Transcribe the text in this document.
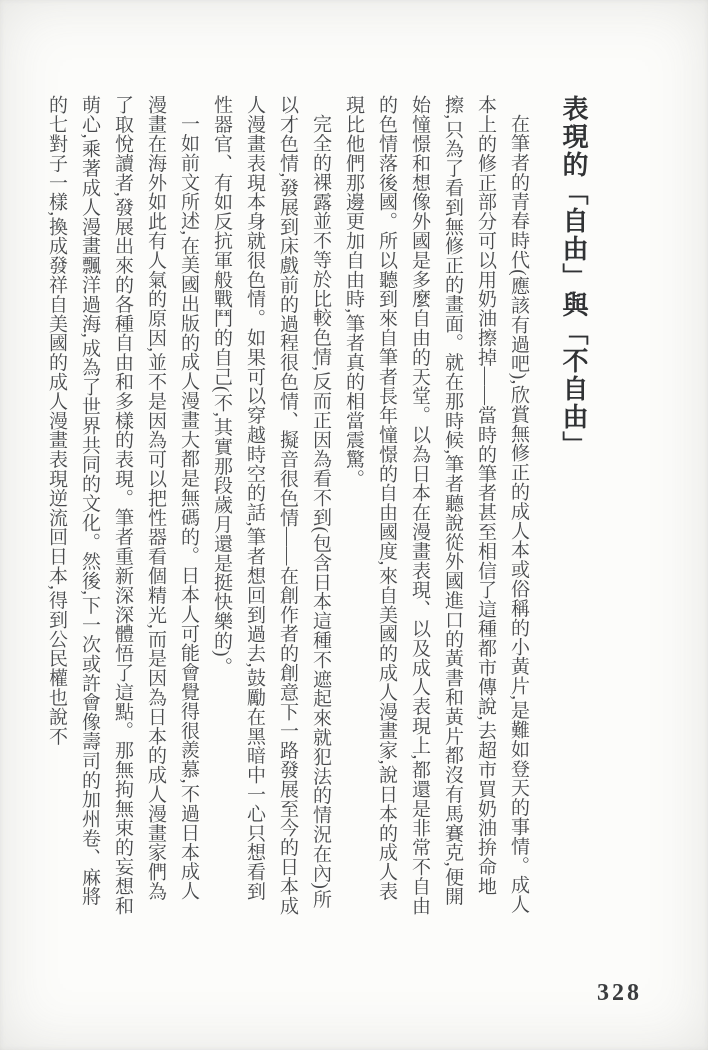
表現的「自由」與「不自由」

在筆者的青春時代(應該有過吧),欣賞無修正的成人本或俗稱的小黃片,是難如登天的事情。成人本上的修正部分可以用奶油擦掉——當時的筆者甚至相信了這種都市傳說,去超市買奶油拚命地擦,只為了看到無修正的畫面。就在那時候,筆者聽說從外國進口的黃書和黃片都沒有馬賽克,便開始憧憬和想像外國是多麼自由的天堂。以為日本在漫畫表現、以及成人表現上,都還是非常不自由的色情落後國。所以聽到來自筆者長年憧憬的自由國度,來自美國的成人漫畫家,說日本的成人表現比他們那邊更加自由時,筆者真的相當震驚。

完全的裸露並不等於比較色情,反而正因為看不到(包含日本這種不遮起來就犯法的情況在內)所以才色情,發展到床戲前的過程很色情、擬音很色情——在創作者的創意下一路發展至今的日本成人漫畫表現本身就很色情。如果可以穿越時空的話,筆者想回到過去,鼓勵在黑暗中一心只想看到性器官、有如反抗軍般戰鬥的自己(不,其實那段歲月還是挺快樂的)。

一如前文所述,在美國出版的成人漫畫大都是無碼的。日本人可能會覺得很羨慕,不過日本成人漫畫在海外如此有人氣的原因,並不是因為可以把性器看個精光,而是因為日本的成人漫畫家們為了取悅讀者,發展出來的各種自由和多樣的表現。筆者重新深深體悟了這點。那無拘無束的妄想和萌心,乘著成人漫畫飄洋過海,成為了世界共同的文化。然後,下一次或許會像壽司的加州卷、麻將的七對子一樣,換成發祥自美國的成人漫畫表現逆流回日本,得到公民權也說不

328
